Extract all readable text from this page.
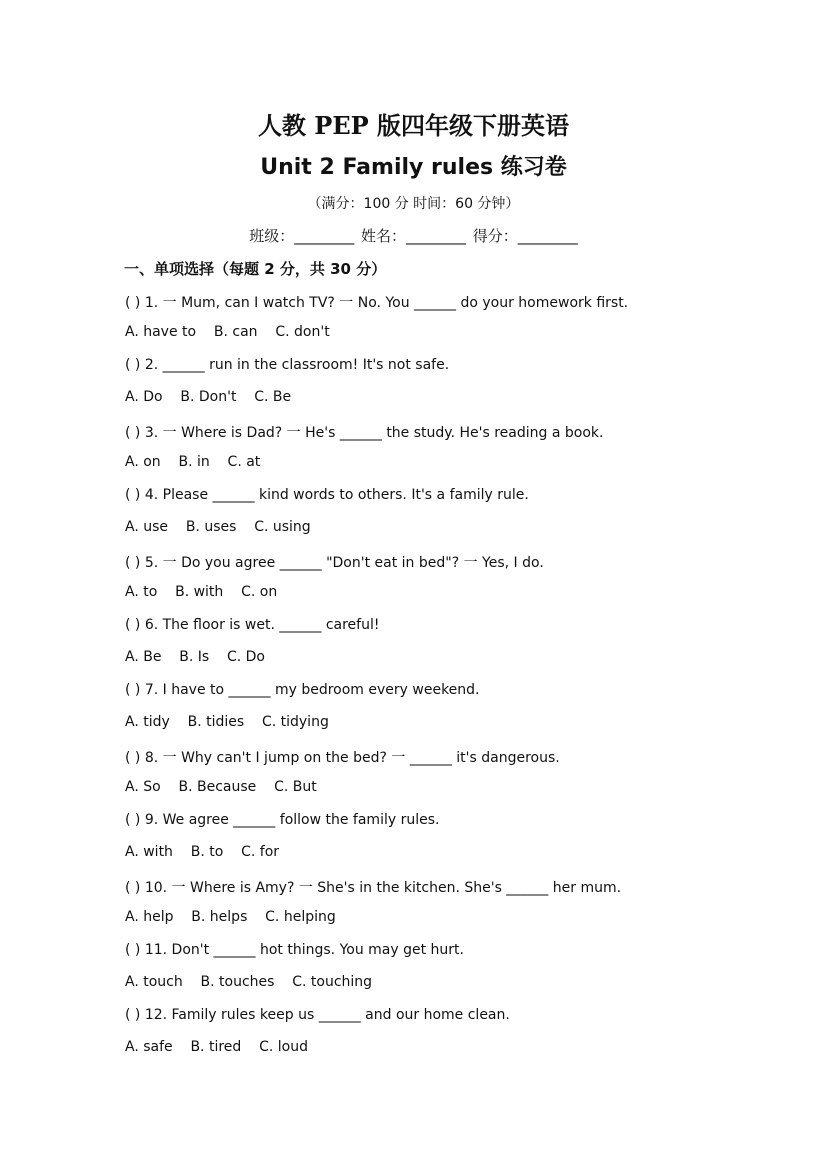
人教 PEP 版四年级下册英语
Unit 2 Family rules 练习卷
（满分：100 分 时间：60 分钟）
班级：________ 姓名：________ 得分：________
一、单项选择（每题 2 分，共 30 分）
( ) 1. 一 Mum, can I watch TV? 一 No. You ______ do your homework first.
A. have to    B. can    C. don't
( ) 2. ______ run in the classroom! It's not safe.
A. Do    B. Don't    C. Be
( ) 3. 一 Where is Dad? 一 He's ______ the study. He's reading a book.
A. on    B. in    C. at
( ) 4. Please ______ kind words to others. It's a family rule.
A. use    B. uses    C. using
( ) 5. 一 Do you agree ______ "Don't eat in bed"? 一 Yes, I do.
A. to    B. with    C. on
( ) 6. The floor is wet. ______ careful!
A. Be    B. Is    C. Do
( ) 7. I have to ______ my bedroom every weekend.
A. tidy    B. tidies    C. tidying
( ) 8. 一 Why can't I jump on the bed? 一 ______ it's dangerous.
A. So    B. Because    C. But
( ) 9. We agree ______ follow the family rules.
A. with    B. to    C. for
( ) 10. 一 Where is Amy? 一 She's in the kitchen. She's ______ her mum.
A. help    B. helps    C. helping
( ) 11. Don't ______ hot things. You may get hurt.
A. touch    B. touches    C. touching
( ) 12. Family rules keep us ______ and our home clean.
A. safe    B. tired    C. loud
